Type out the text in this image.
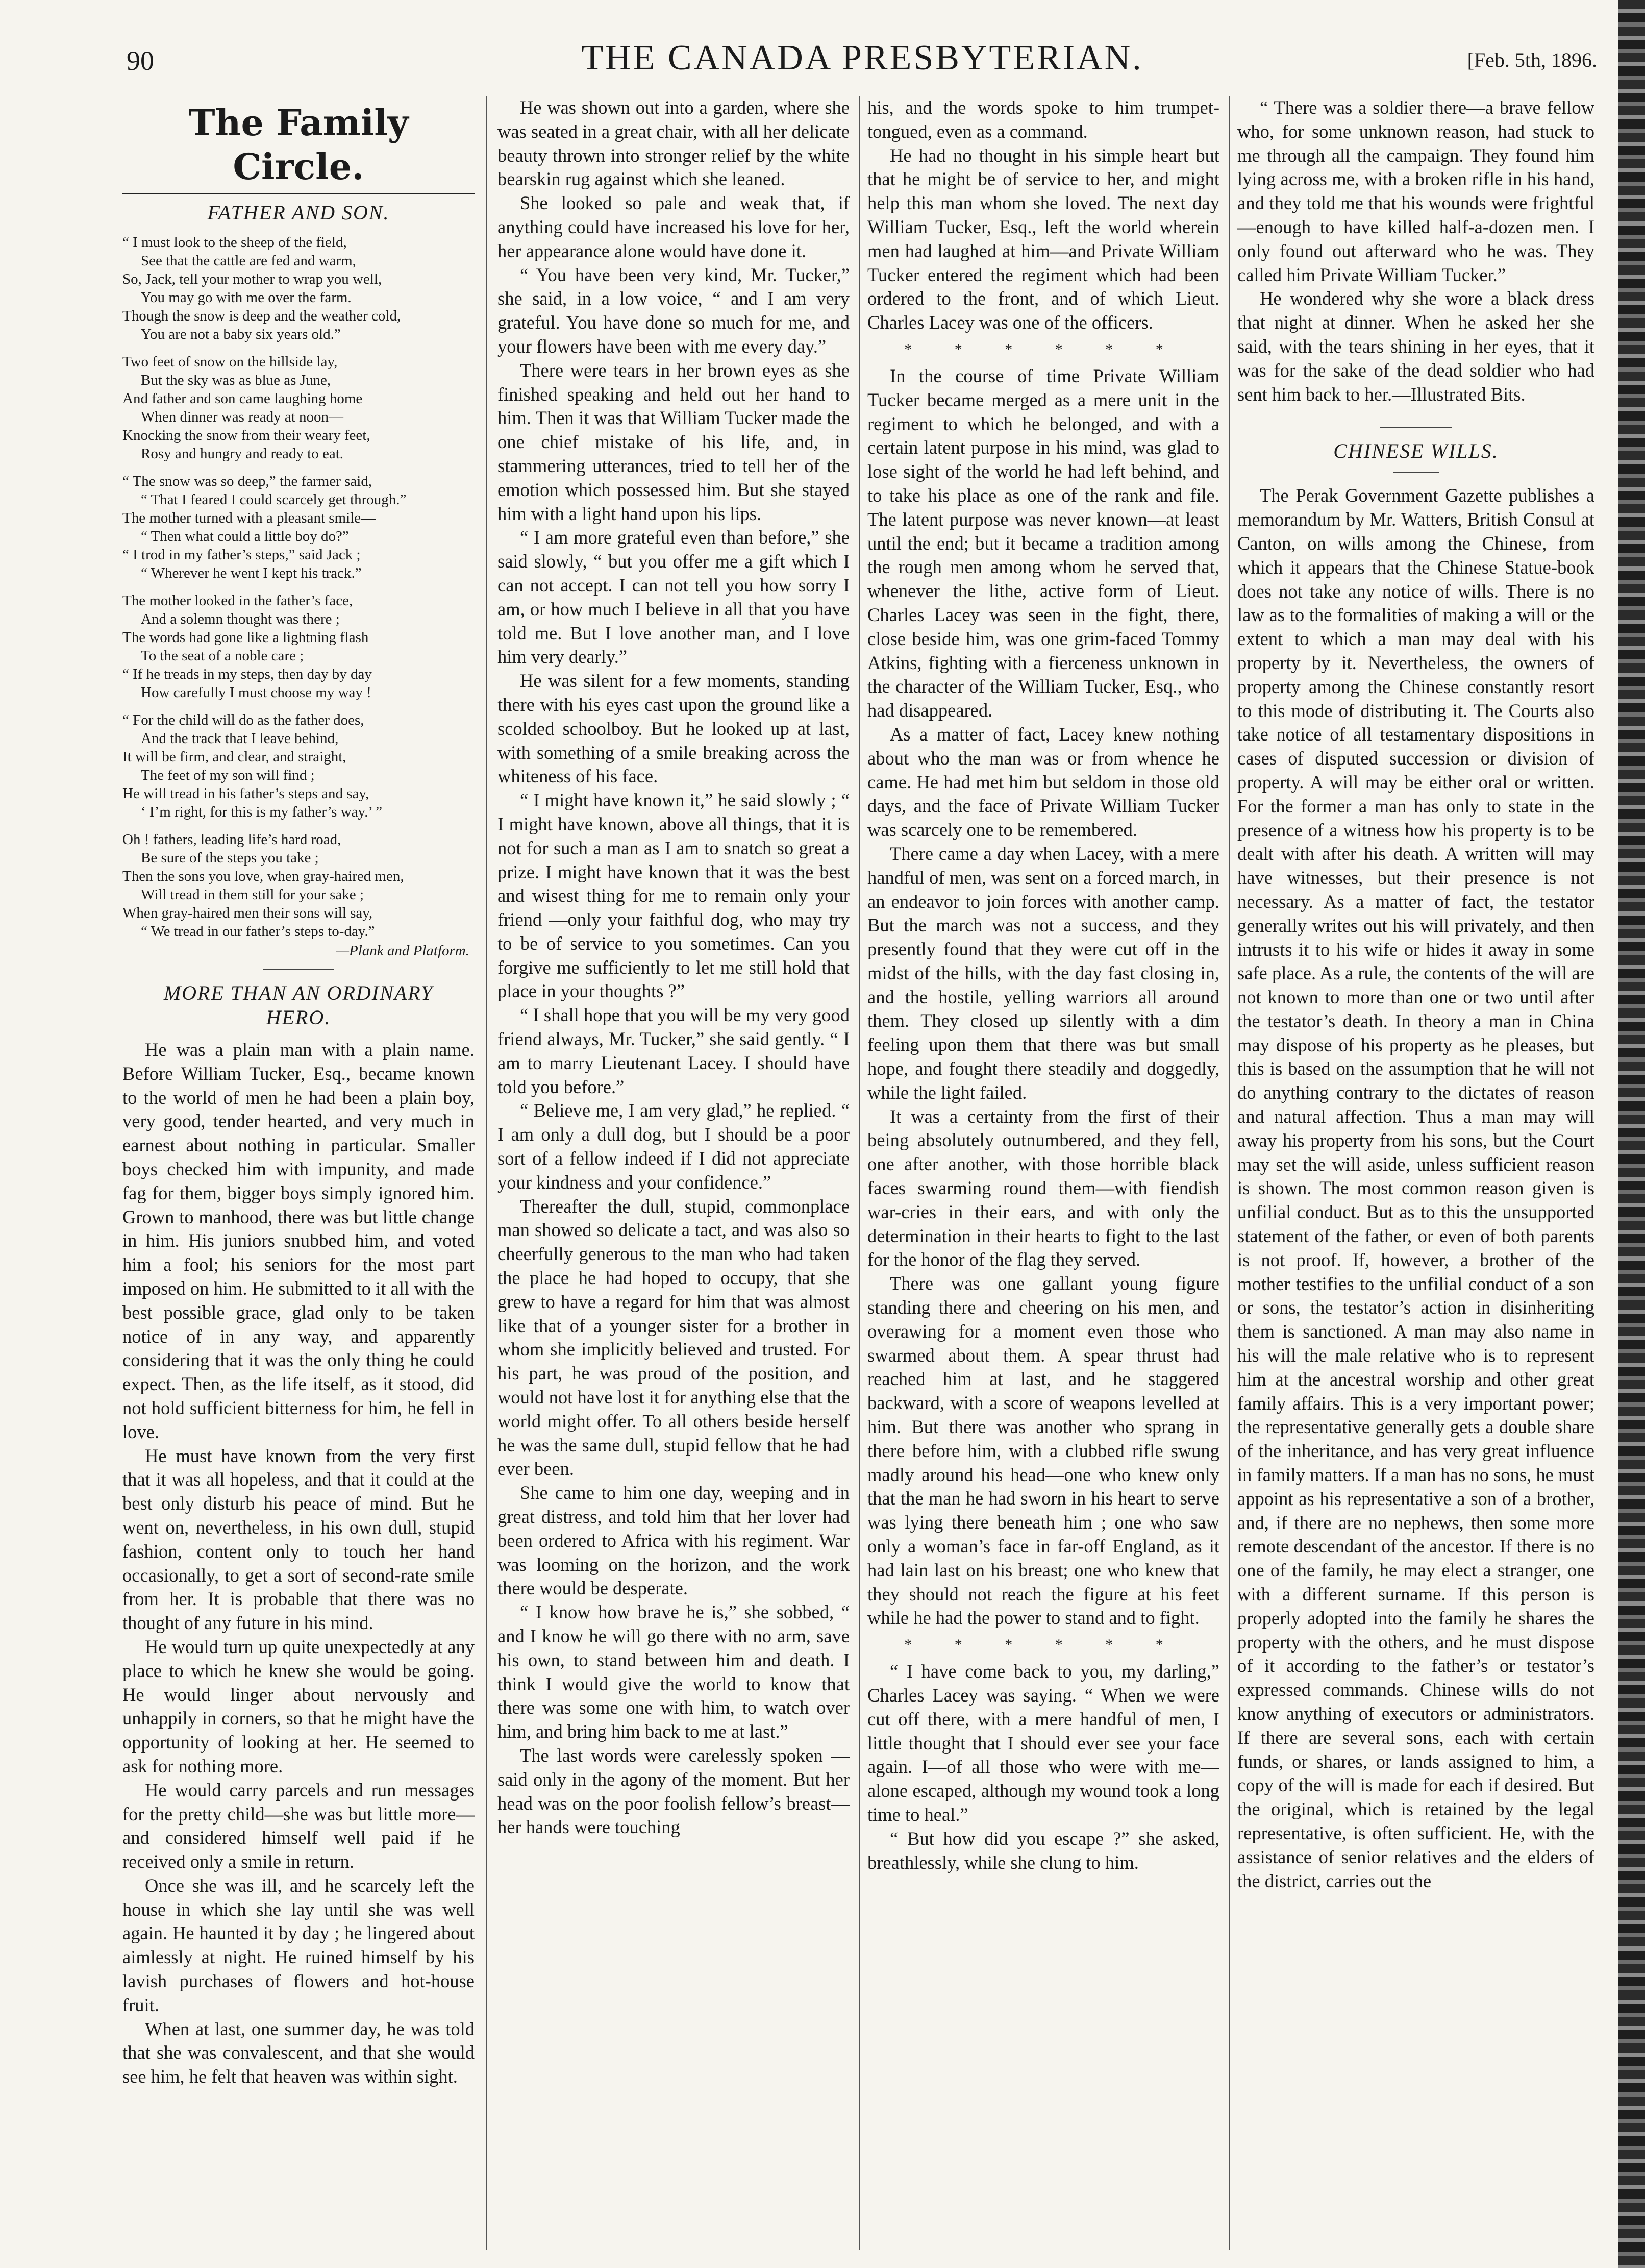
90	THE CANADA PRESBYTERIAN.	[Feb. 5th, 1896.
The Family Circle.
FATHER AND SON.
“ I must look to the sheep of the field,
See that the cattle are fed and warm,
So, Jack, tell your mother to wrap you well,
You may go with me over the farm.
Though the snow is deep and the weather cold,
You are not a baby six years old.”
Two feet of snow on the hillside lay,
But the sky was as blue as June,
And father and son came laughing home
When dinner was ready at noon—
Knocking the snow from their weary feet,
Rosy and hungry and ready to eat.
“ The snow was so deep,” the farmer said,
“ That I feared I could scarcely get through.”
The mother turned with a pleasant smile—
“ Then what could a little boy do?”
“ I trod in my father’s steps,” said Jack ;
“ Wherever he went I kept his track.”
The mother looked in the father’s face,
And a solemn thought was there ;
The words had gone like a lightning flash
To the seat of a noble care ;
“ If he treads in my steps, then day by day
How carefully I must choose my way !
“ For the child will do as the father does,
And the track that I leave behind,
It will be firm, and clear, and straight,
The feet of my son will find ;
He will tread in his father’s steps and say,
‘ I’m right, for this is my father’s way.’ ”
Oh ! fathers, leading life’s hard road,
Be sure of the steps you take ;
Then the sons you love, when gray-haired men,
Will tread in them still for your sake ;
When gray-haired men their sons will say,
“ We tread in our father’s steps to-day.”
—Plank and Platform.
MORE THAN AN ORDINARY HERO.

He was a plain man with a plain name. Before William Tucker, Esq., became known to the world of men he had been a plain boy, very good, tender hearted, and very much in earnest about nothing in particular. Smaller boys checked him with impunity, and made fag for them, bigger boys simply ignored him. Grown to manhood, there was but little change in him. His juniors snubbed him, and voted him a fool; his seniors for the most part imposed on him. He submitted to it all with the best possible grace, glad only to be taken notice of in any way, and apparently considering that it was the only thing he could expect. Then, as the life itself, as it stood, did not hold sufficient bitterness for him, he fell in love.

He must have known from the very first that it was all hopeless, and that it could at the best only disturb his peace of mind. But he went on, nevertheless, in his own dull, stupid fashion, content only to touch her hand occasionally, to get a sort of second-rate smile from her. It is probable that there was no thought of any future in his mind.

He would turn up quite unexpectedly at any place to which he knew she would be going. He would linger about nervously and unhappily in corners, so that he might have the opportunity of looking at her. He seemed to ask for nothing more.

He would carry parcels and run messages for the pretty child—she was but little more—and considered himself well paid if he received only a smile in return.

Once she was ill, and he scarcely left the house in which she lay until she was well again. He haunted it by day ; he lingered about aimlessly at night. He ruined himself by his lavish purchases of flowers and hot-house fruit.

When at last, one summer day, he was told that she was convalescent, and that she would see him, he felt that heaven was within sight.

He was shown out into a garden, where she was seated in a great chair, with all her delicate beauty thrown into stronger relief by the white bearskin rug against which she leaned.

She looked so pale and weak that, if anything could have increased his love for her, her appearance alone would have done it.

“ You have been very kind, Mr. Tucker,” she said, in a low voice, “ and I am very grateful. You have done so much for me, and your flowers have been with me every day.”

There were tears in her brown eyes as she finished speaking and held out her hand to him. Then it was that William Tucker made the one chief mistake of his life, and, in stammering utterances, tried to tell her of the emotion which possessed him. But she stayed him with a light hand upon his lips.

“ I am more grateful even than before,” she said slowly, “ but you offer me a gift which I can not accept. I can not tell you how sorry I am, or how much I believe in all that you have told me. But I love another man, and I love him very dearly.”

He was silent for a few moments, standing there with his eyes cast upon the ground like a scolded schoolboy. But he looked up at last, with something of a smile breaking across the whiteness of his face.

“ I might have known it,” he said slowly ; “ I might have known, above all things, that it is not for such a man as I am to snatch so great a prize. I might have known that it was the best and wisest thing for me to remain only your friend —only your faithful dog, who may try to be of service to you sometimes. Can you forgive me sufficiently to let me still hold that place in your thoughts ?”

“ I shall hope that you will be my very good friend always, Mr. Tucker,” she said gently. “ I am to marry Lieutenant Lacey. I should have told you before.”

“ Believe me, I am very glad,” he replied. “ I am only a dull dog, but I should be a poor sort of a fellow indeed if I did not appreciate your kindness and your confidence.”

Thereafter the dull, stupid, commonplace man showed so delicate a tact, and was also so cheerfully generous to the man who had taken the place he had hoped to occupy, that she grew to have a regard for him that was almost like that of a younger sister for a brother in whom she implicitly believed and trusted. For his part, he was proud of the position, and would not have lost it for anything else that the world might offer. To all others beside herself he was the same dull, stupid fellow that he had ever been.

She came to him one day, weeping and in great distress, and told him that her lover had been ordered to Africa with his regiment. War was looming on the horizon, and the work there would be desperate.

“ I know how brave he is,” she sobbed, “ and I know he will go there with no arm, save his own, to stand between him and death. I think I would give the world to know that there was some one with him, to watch over him, and bring him back to me at last.”

The last words were carelessly spoken —said only in the agony of the moment. But her head was on the poor foolish fellow’s breast—her hands were touching

his, and the words spoke to him trumpet-tongued, even as a command.

He had no thought in his simple heart but that he might be of service to her, and might help this man whom she loved. The next day William Tucker, Esq., left the world wherein men had laughed at him—and Private William Tucker entered the regiment which had been ordered to the front, and of which Lieut. Charles Lacey was one of the officers.

* * * * * *

In the course of time Private William Tucker became merged as a mere unit in the regiment to which he belonged, and with a certain latent purpose in his mind, was glad to lose sight of the world he had left behind, and to take his place as one of the rank and file. The latent purpose was never known—at least until the end; but it became a tradition among the rough men among whom he served that, whenever the lithe, active form of Lieut. Charles Lacey was seen in the fight, there, close beside him, was one grim-faced Tommy Atkins, fighting with a fierceness unknown in the character of the William Tucker, Esq., who had disappeared.

As a matter of fact, Lacey knew nothing about who the man was or from whence he came. He had met him but seldom in those old days, and the face of Private William Tucker was scarcely one to be remembered.

There came a day when Lacey, with a mere handful of men, was sent on a forced march, in an endeavor to join forces with another camp. But the march was not a success, and they presently found that they were cut off in the midst of the hills, with the day fast closing in, and the hostile, yelling warriors all around them. They closed up silently with a dim feeling upon them that there was but small hope, and fought there steadily and doggedly, while the light failed.

It was a certainty from the first of their being absolutely outnumbered, and they fell, one after another, with those horrible black faces swarming round them—with fiendish war-cries in their ears, and with only the determination in their hearts to fight to the last for the honor of the flag they served.

There was one gallant young figure standing there and cheering on his men, and overawing for a moment even those who swarmed about them. A spear thrust had reached him at last, and he staggered backward, with a score of weapons levelled at him. But there was another who sprang in there before him, with a clubbed rifle swung madly around his head—one who knew only that the man he had sworn in his heart to serve was lying there beneath him ; one who saw only a woman’s face in far-off England, as it had lain last on his breast; one who knew that they should not reach the figure at his feet while he had the power to stand and to fight.

* * * * * *

“ I have come back to you, my darling,” Charles Lacey was saying. “ When we were cut off there, with a mere handful of men, I little thought that I should ever see your face again. I—of all those who were with me—alone escaped, although my wound took a long time to heal.”

“ But how did you escape ?” she asked, breathlessly, while she clung to him.

“ There was a soldier there—a brave fellow who, for some unknown reason, had stuck to me through all the campaign. They found him lying across me, with a broken rifle in his hand, and they told me that his wounds were frightful—enough to have killed half-a-dozen men. I only found out afterward who he was. They called him Private William Tucker.”

He wondered why she wore a black dress that night at dinner. When he asked her she said, with the tears shining in her eyes, that it was for the sake of the dead soldier who had sent him back to her.—Illustrated Bits.

CHINESE WILLS.

The Perak Government Gazette publishes a memorandum by Mr. Watters, British Consul at Canton, on wills among the Chinese, from which it appears that the Chinese Statue-book does not take any notice of wills. There is no law as to the formalities of making a will or the extent to which a man may deal with his property by it. Nevertheless, the owners of property among the Chinese constantly resort to this mode of distributing it. The Courts also take notice of all testamentary dispositions in cases of disputed succession or division of property. A will may be either oral or written. For the former a man has only to state in the presence of a witness how his property is to be dealt with after his death. A written will may have witnesses, but their presence is not necessary. As a matter of fact, the testator generally writes out his will privately, and then intrusts it to his wife or hides it away in some safe place. As a rule, the contents of the will are not known to more than one or two until after the testator’s death. In theory a man in China may dispose of his property as he pleases, but this is based on the assumption that he will not do anything contrary to the dictates of reason and natural affection. Thus a man may will away his property from his sons, but the Court may set the will aside, unless sufficient reason is shown. The most common reason given is unfilial conduct. But as to this the unsupported statement of the father, or even of both parents is not proof. If, however, a brother of the mother testifies to the unfilial conduct of a son or sons, the testator’s action in disinheriting them is sanctioned. A man may also name in his will the male relative who is to represent him at the ancestral worship and other great family affairs. This is a very important power; the representative generally gets a double share of the inheritance, and has very great influence in family matters. If a man has no sons, he must appoint as his representative a son of a brother, and, if there are no nephews, then some more remote descendant of the ancestor. If there is no one of the family, he may elect a stranger, one with a different surname. If this person is properly adopted into the family he shares the property with the others, and he must dispose of it according to the father’s or testator’s expressed commands. Chinese wills do not know anything of executors or administrators. If there are several sons, each with certain funds, or shares, or lands assigned to him, a copy of the will is made for each if desired. But the original, which is retained by the legal representative, is often sufficient. He, with the assistance of senior relatives and the elders of the district, carries out the
